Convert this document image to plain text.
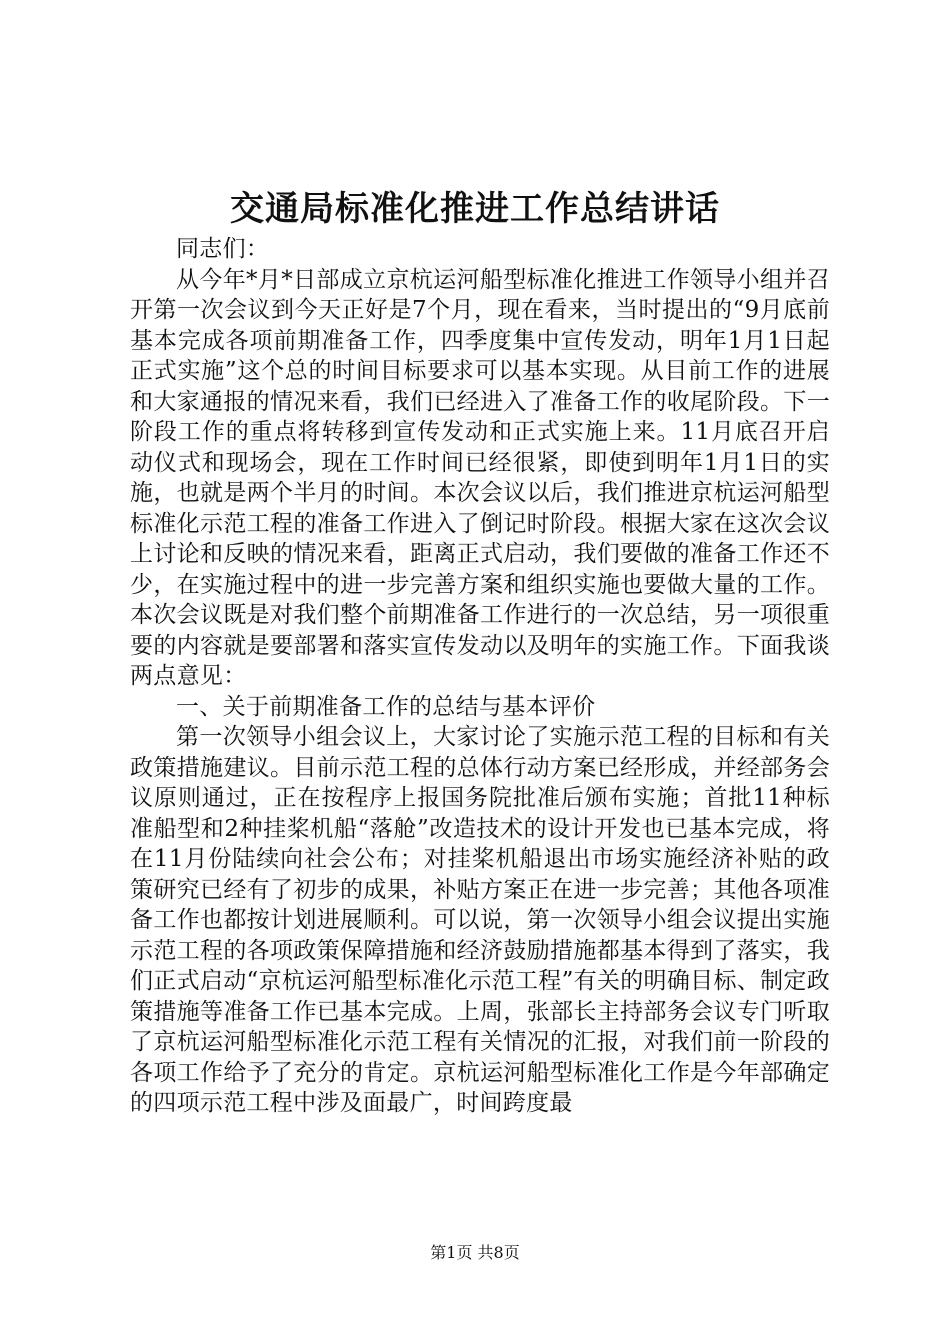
交通局标准化推进工作总结讲话

同志们：

从今年*月*日部成立京杭运河船型标准化推进工作领导小组并召开第一次会议到今天正好是7个月，现在看来，当时提出的“9月底前基本完成各项前期准备工作，四季度集中宣传发动，明年1月1日起正式实施”这个总的时间目标要求可以基本实现。从目前工作的进展和大家通报的情况来看，我们已经进入了准备工作的收尾阶段。下一阶段工作的重点将转移到宣传发动和正式实施上来。11月底召开启动仪式和现场会，现在工作时间已经很紧，即使到明年1月1日的实施，也就是两个半月的时间。本次会议以后，我们推进京杭运河船型标准化示范工程的准备工作进入了倒记时阶段。根据大家在这次会议上讨论和反映的情况来看，距离正式启动，我们要做的准备工作还不少，在实施过程中的进一步完善方案和组织实施也要做大量的工作。本次会议既是对我们整个前期准备工作进行的一次总结，另一项很重要的内容就是要部署和落实宣传发动以及明年的实施工作。下面我谈两点意见：

一、关于前期准备工作的总结与基本评价

第一次领导小组会议上，大家讨论了实施示范工程的目标和有关政策措施建议。目前示范工程的总体行动方案已经形成，并经部务会议原则通过，正在按程序上报国务院批准后颁布实施；首批11种标准船型和2种挂桨机船“落舱”改造技术的设计开发也已基本完成，将在11月份陆续向社会公布；对挂桨机船退出市场实施经济补贴的政策研究已经有了初步的成果，补贴方案正在进一步完善；其他各项准备工作也都按计划进展顺利。可以说，第一次领导小组会议提出实施示范工程的各项政策保障措施和经济鼓励措施都基本得到了落实，我们正式启动“京杭运河船型标准化示范工程”有关的明确目标、制定政策措施等准备工作已基本完成。上周，张部长主持部务会议专门听取了京杭运河船型标准化示范工程有关情况的汇报，对我们前一阶段的各项工作给予了充分的肯定。京杭运河船型标准化工作是今年部确定的四项示范工程中涉及面最广，时间跨度最

第1页 共8页
